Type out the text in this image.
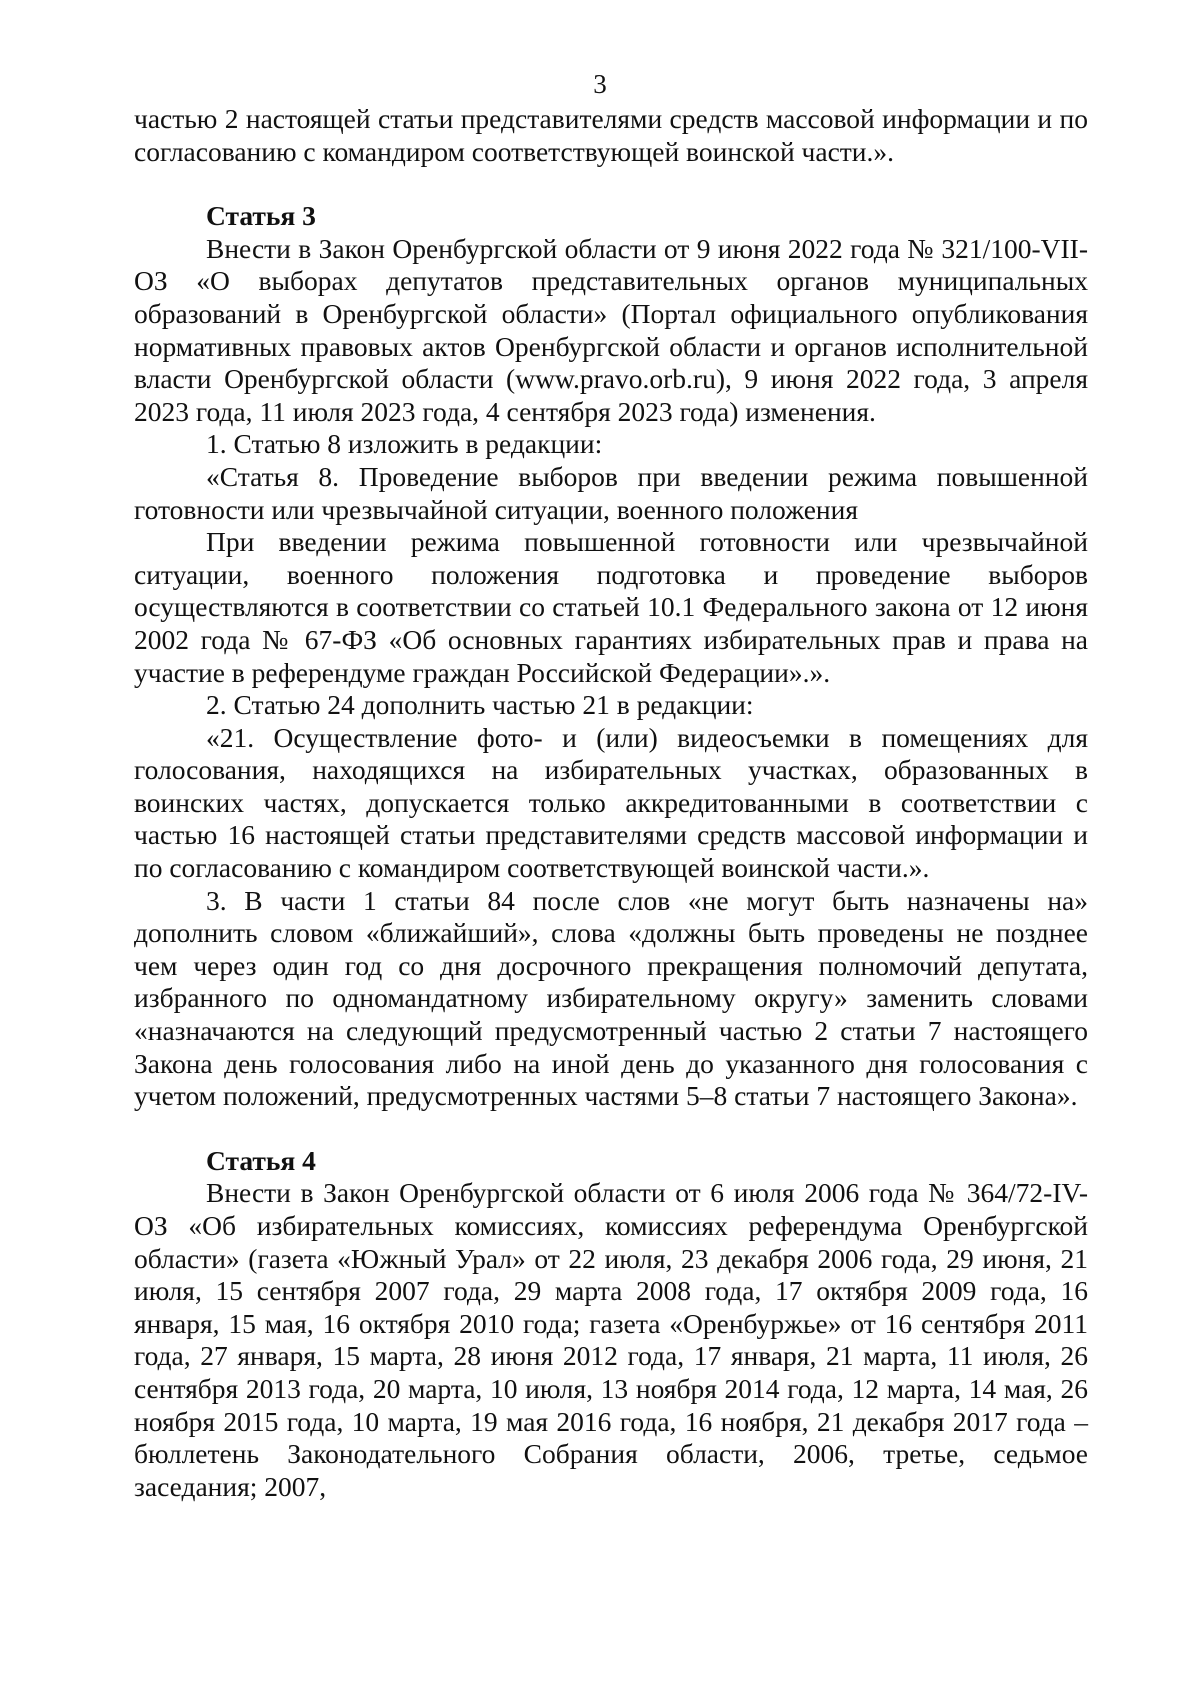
3

частью 2 настоящей статьи представителями средств массовой информации и по согласованию с командиром соответствующей воинской части.».

Статья 3

Внести в Закон Оренбургской области от 9 июня 2022 года № 321/100-VII-ОЗ «О выборах депутатов представительных органов муниципальных образований в Оренбургской области» (Портал официального опубликования нормативных правовых актов Оренбургской области и органов исполнительной власти Оренбургской области (www.pravo.orb.ru), 9 июня 2022 года, 3 апреля 2023 года, 11 июля 2023 года, 4 сентября 2023 года) изменения.

1. Статью 8 изложить в редакции:

«Статья 8. Проведение выборов при введении режима повышенной готовности или чрезвычайной ситуации, военного положения

При введении режима повышенной готовности или чрезвычайной ситуации, военного положения подготовка и проведение выборов осуществляются в соответствии со статьей 10.1 Федерального закона от 12 июня 2002 года № 67-ФЗ «Об основных гарантиях избирательных прав и права на участие в референдуме граждан Российской Федерации».».

2. Статью 24 дополнить частью 21 в редакции:

«21. Осуществление фото- и (или) видеосъемки в помещениях для голосования, находящихся на избирательных участках, образованных в воинских частях, допускается только аккредитованными в соответствии с частью 16 настоящей статьи представителями средств массовой информации и по согласованию с командиром соответствующей воинской части.».

3. В части 1 статьи 84 после слов «не могут быть назначены на» дополнить словом «ближайший», слова «должны быть проведены не позднее чем через один год со дня досрочного прекращения полномочий депутата, избранного по одномандатному избирательному округу» заменить словами «назначаются на следующий предусмотренный частью 2 статьи 7 настоящего Закона день голосования либо на иной день до указанного дня голосования с учетом положений, предусмотренных частями 5–8 статьи 7 настоящего Закона».

Статья 4

Внести в Закон Оренбургской области от 6 июля 2006 года № 364/72-IV-ОЗ «Об избирательных комиссиях, комиссиях референдума Оренбургской области» (газета «Южный Урал» от 22 июля, 23 декабря 2006 года, 29 июня, 21 июля, 15 сентября 2007 года, 29 марта 2008 года, 17 октября 2009 года, 16 января, 15 мая, 16 октября 2010 года; газета «Оренбуржье» от 16 сентября 2011 года, 27 января, 15 марта, 28 июня 2012 года, 17 января, 21 марта, 11 июля, 26 сентября 2013 года, 20 марта, 10 июля, 13 ноября 2014 года, 12 марта, 14 мая, 26 ноября 2015 года, 10 марта, 19 мая 2016 года, 16 ноября, 21 декабря 2017 года – бюллетень Законодательного Собрания области, 2006, третье, седьмое заседания; 2007,
